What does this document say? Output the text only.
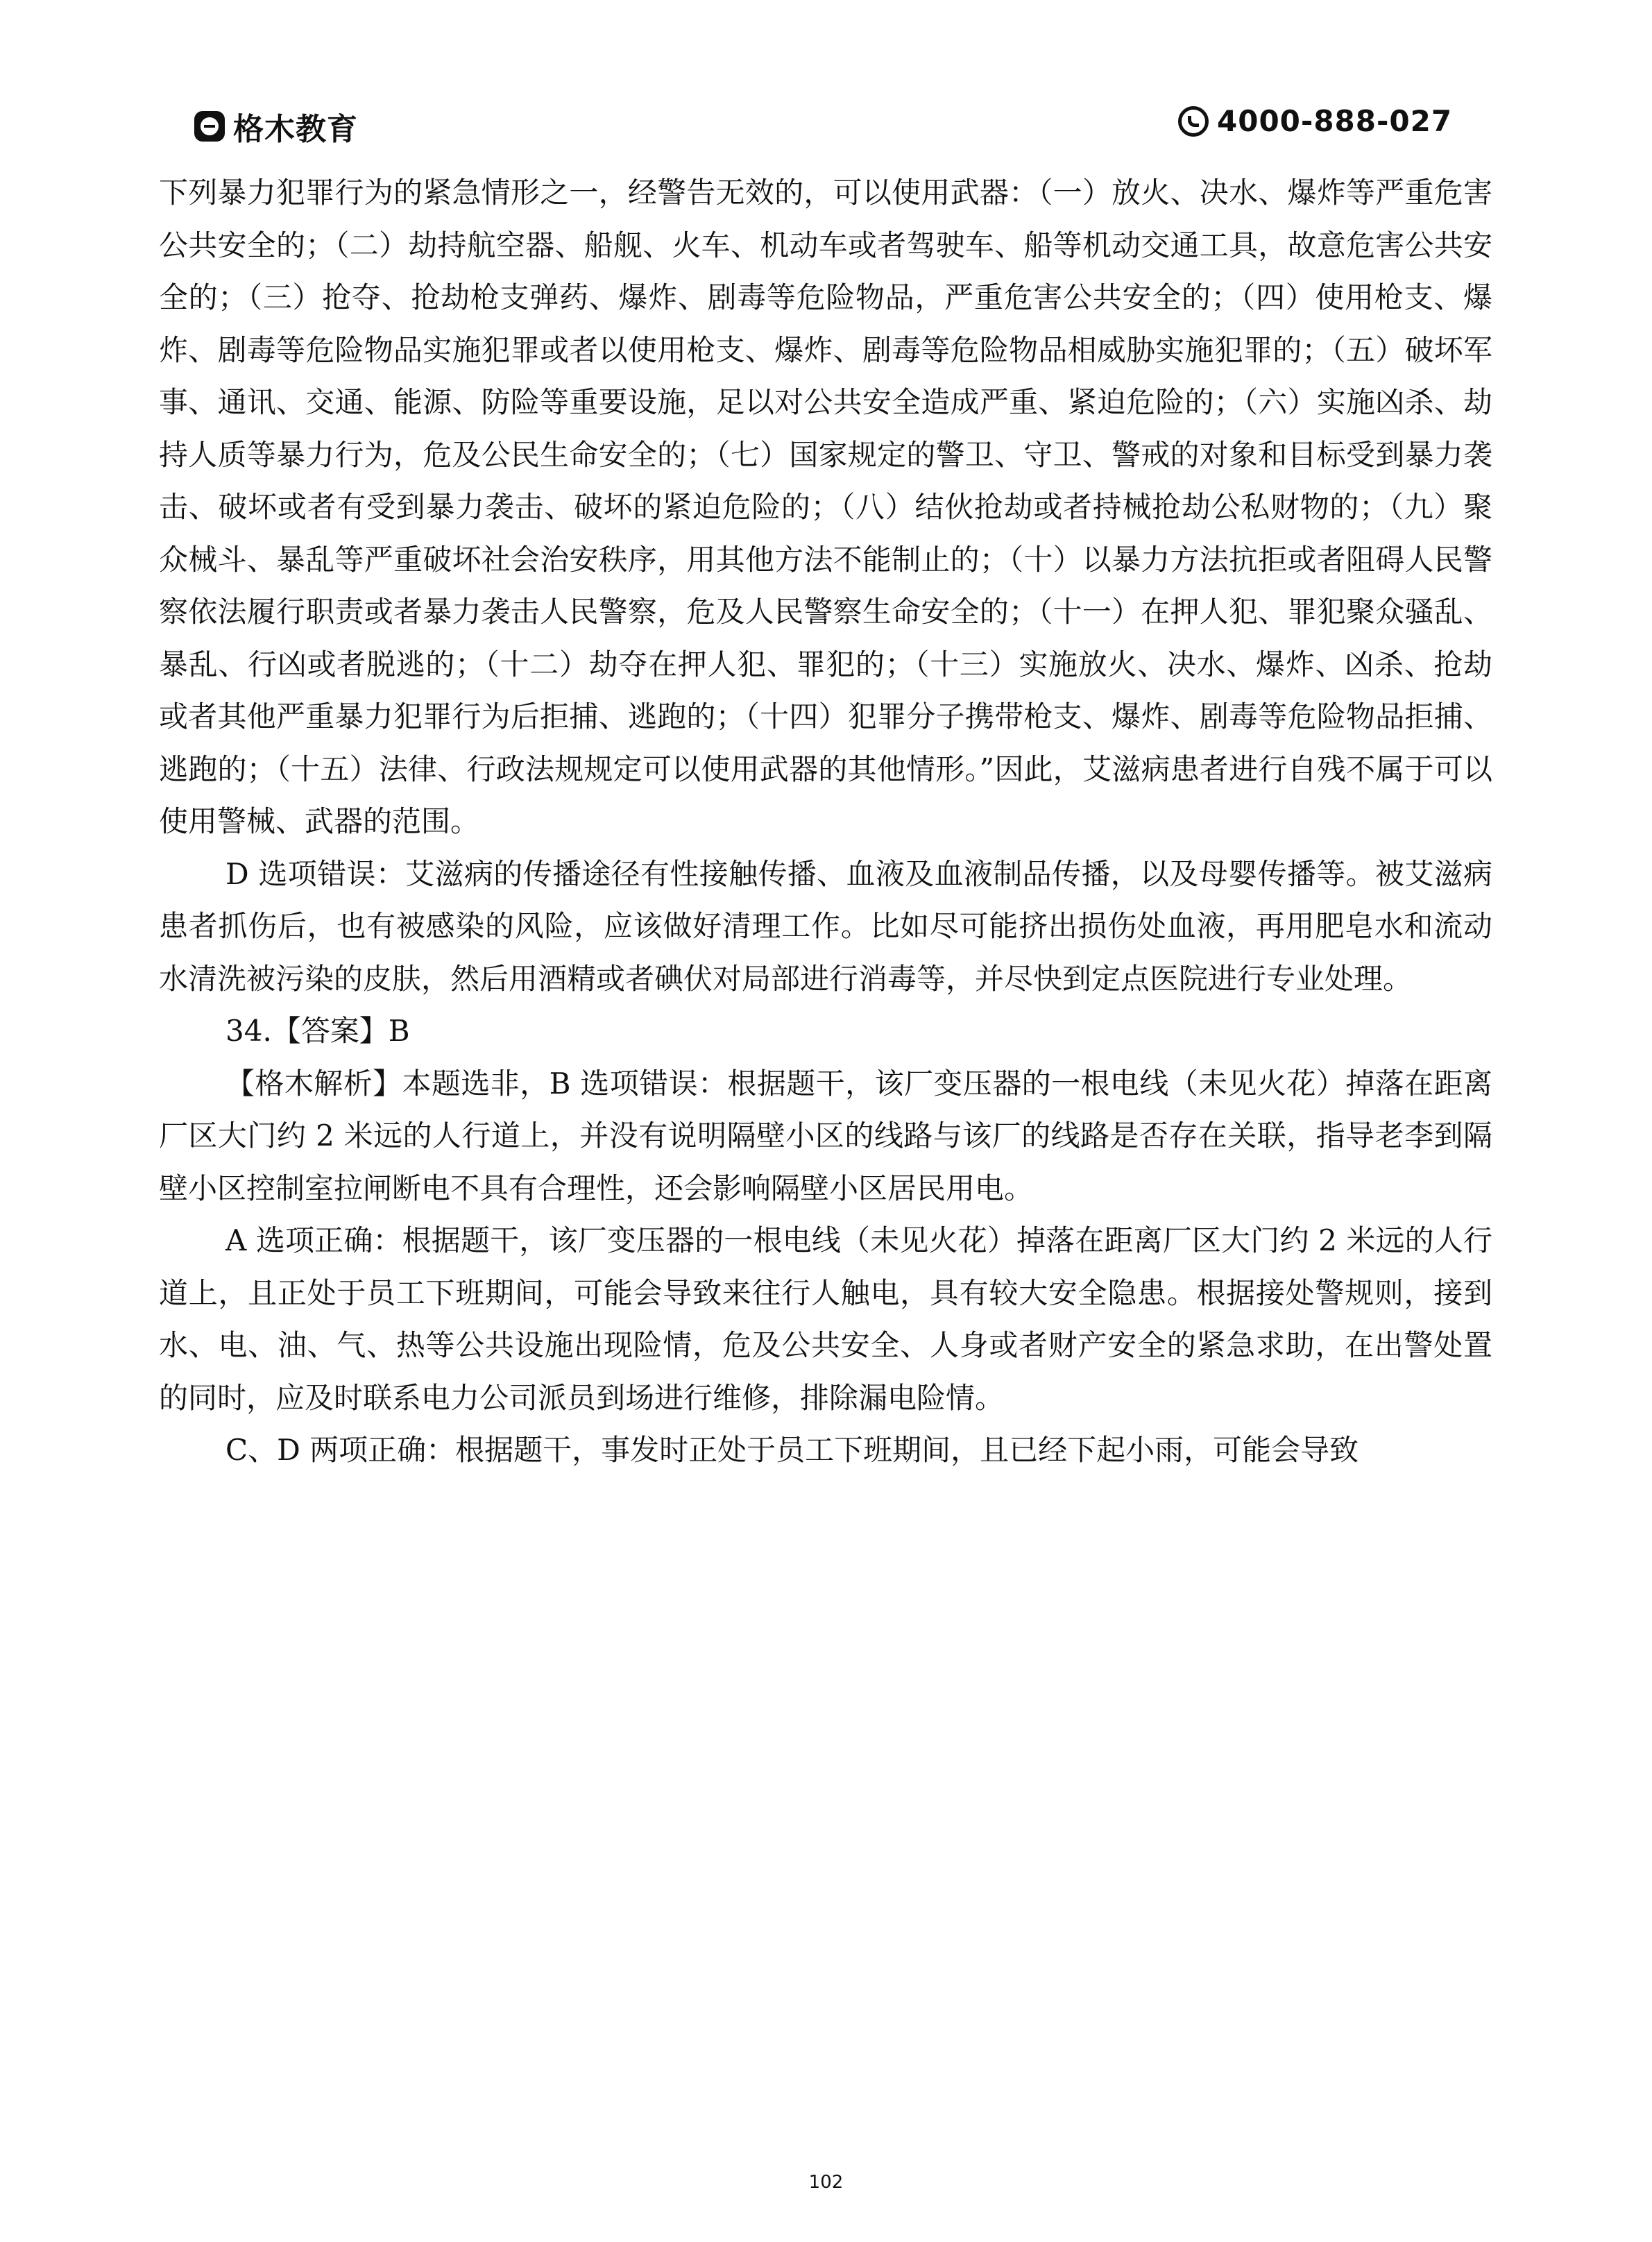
格木教育	4000-888-027

下列暴力犯罪行为的紧急情形之一，经警告无效的，可以使用武器：（一）放火、决水、爆炸等严重危害公共安全的；（二）劫持航空器、船舰、火车、机动车或者驾驶车、船等机动交通工具，故意危害公共安全的；（三）抢夺、抢劫枪支弹药、爆炸、剧毒等危险物品，严重危害公共安全的；（四）使用枪支、爆炸、剧毒等危险物品实施犯罪或者以使用枪支、爆炸、剧毒等危险物品相威胁实施犯罪的；（五）破坏军事、通讯、交通、能源、防险等重要设施，足以对公共安全造成严重、紧迫危险的；（六）实施凶杀、劫持人质等暴力行为，危及公民生命安全的；（七）国家规定的警卫、守卫、警戒的对象和目标受到暴力袭击、破坏或者有受到暴力袭击、破坏的紧迫危险的；（八）结伙抢劫或者持械抢劫公私财物的；（九）聚众械斗、暴乱等严重破坏社会治安秩序，用其他方法不能制止的；（十）以暴力方法抗拒或者阻碍人民警察依法履行职责或者暴力袭击人民警察，危及人民警察生命安全的；（十一）在押人犯、罪犯聚众骚乱、暴乱、行凶或者脱逃的；（十二）劫夺在押人犯、罪犯的；（十三）实施放火、决水、爆炸、凶杀、抢劫或者其他严重暴力犯罪行为后拒捕、逃跑的；（十四）犯罪分子携带枪支、爆炸、剧毒等危险物品拒捕、逃跑的；（十五）法律、行政法规规定可以使用武器的其他情形。”因此，艾滋病患者进行自残不属于可以使用警械、武器的范围。

D 选项错误：艾滋病的传播途径有性接触传播、血液及血液制品传播，以及母婴传播等。被艾滋病患者抓伤后，也有被感染的风险，应该做好清理工作。比如尽可能挤出损伤处血液，再用肥皂水和流动水清洗被污染的皮肤，然后用酒精或者碘伏对局部进行消毒等，并尽快到定点医院进行专业处理。

34.【答案】B

【格木解析】本题选非，B 选项错误：根据题干，该厂变压器的一根电线（未见火花）掉落在距离厂区大门约 2 米远的人行道上，并没有说明隔壁小区的线路与该厂的线路是否存在关联，指导老李到隔壁小区控制室拉闸断电不具有合理性，还会影响隔壁小区居民用电。

A 选项正确：根据题干，该厂变压器的一根电线（未见火花）掉落在距离厂区大门约 2 米远的人行道上，且正处于员工下班期间，可能会导致来往行人触电，具有较大安全隐患。根据接处警规则，接到水、电、油、气、热等公共设施出现险情，危及公共安全、人身或者财产安全的紧急求助，在出警处置的同时，应及时联系电力公司派员到场进行维修，排除漏电险情。

C、D 两项正确：根据题干，事发时正处于员工下班期间，且已经下起小雨，可能会导致

102
